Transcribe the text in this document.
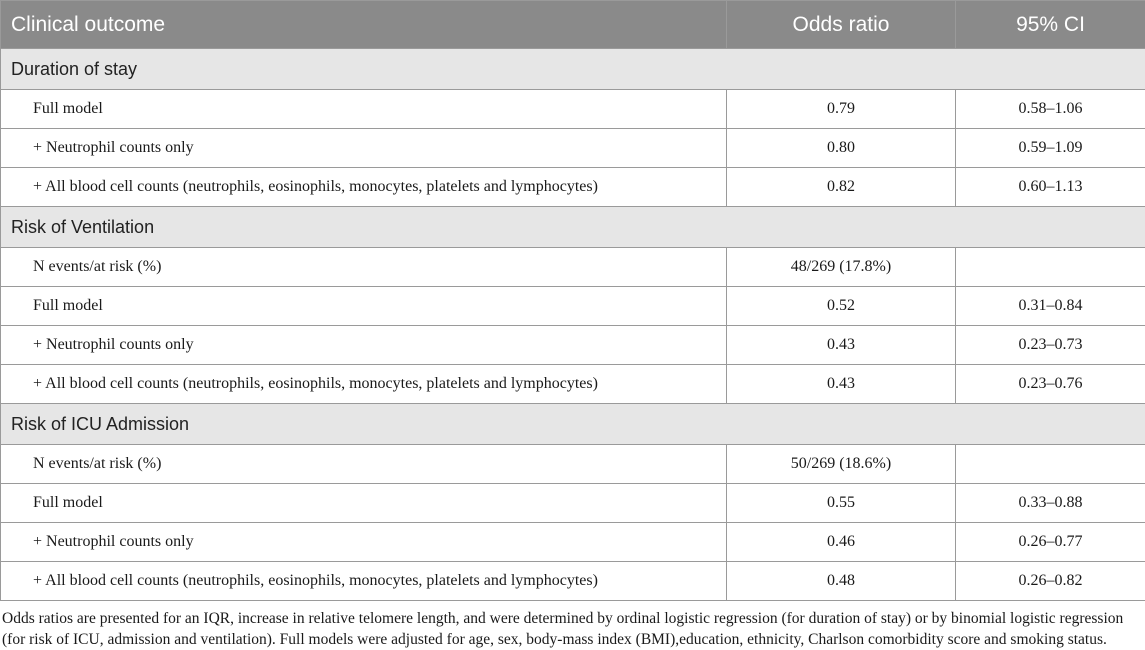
Clinical outcome	Odds ratio	95% CI
Duration of stay		
Full model	0.79	0.58–1.06
+ Neutrophil counts only	0.80	0.59–1.09
+ All blood cell counts (neutrophils, eosinophils, monocytes, platelets and lymphocytes)	0.82	0.60–1.13
Risk of Ventilation		
N events/at risk (%)	48/269 (17.8%)	
Full model	0.52	0.31–0.84
+ Neutrophil counts only	0.43	0.23–0.73
+ All blood cell counts (neutrophils, eosinophils, monocytes, platelets and lymphocytes)	0.43	0.23–0.76
Risk of ICU Admission		
N events/at risk (%)	50/269 (18.6%)	
Full model	0.55	0.33–0.88
+ Neutrophil counts only	0.46	0.26–0.77
+ All blood cell counts (neutrophils, eosinophils, monocytes, platelets and lymphocytes)	0.48	0.26–0.82
Odds ratios are presented for an IQR, increase in relative telomere length, and were determined by ordinal logistic regression (for duration of stay) or by binomial logistic regression (for risk of ICU, admission and ventilation). Full models were adjusted for age, sex, body-mass index (BMI),education, ethnicity, Charlson comorbidity score and smoking status.
